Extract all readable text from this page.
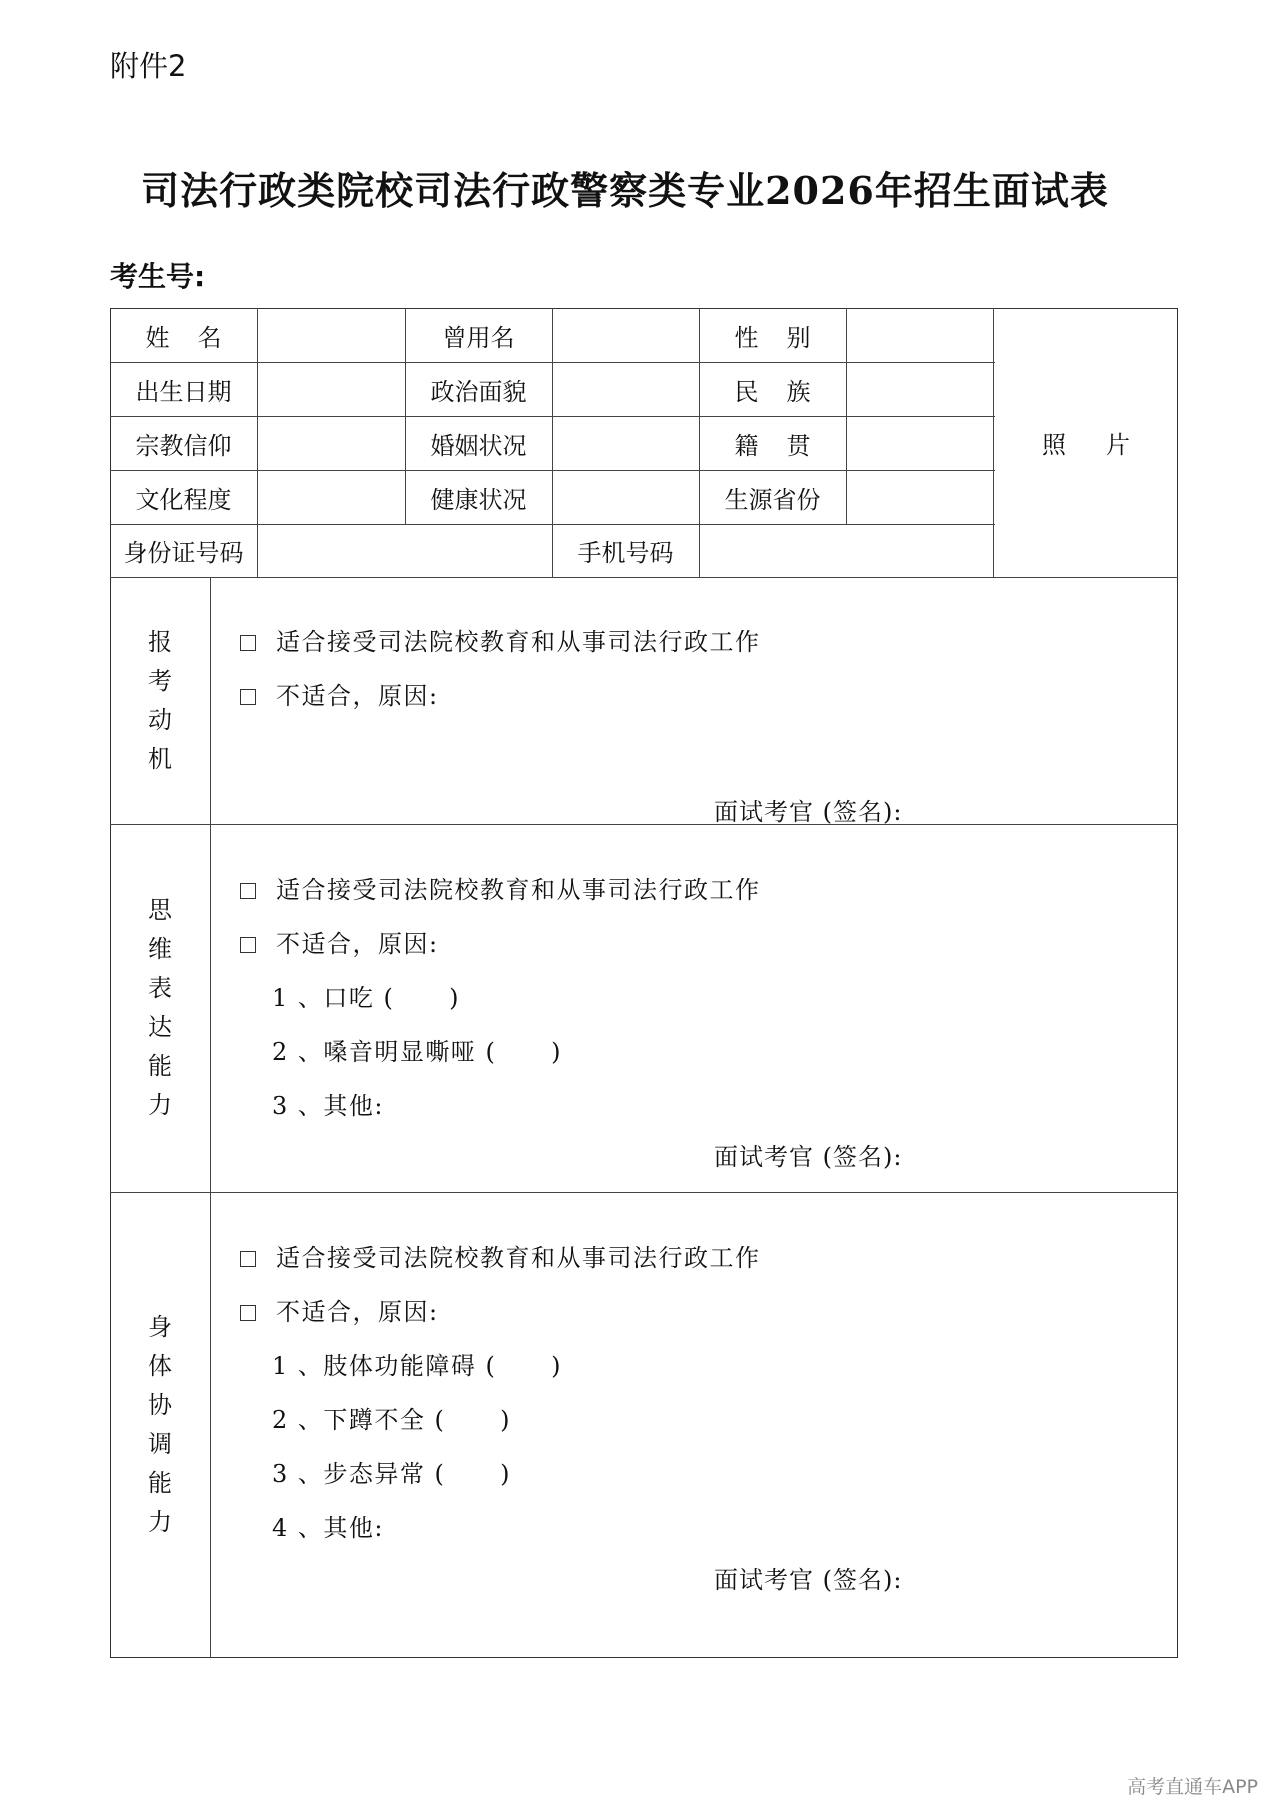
附件2
司法行政类院校司法行政警察类专业2026年招生面试表
考生号:
姓名	曾用名	性别
出生日期	政治面貌	民族
宗教信仰	婚姻状况	籍贯
文化程度	健康状况	生源省份
身份证号码	手机号码
照片
报
考
动
机
适合接受司法院校教育和从事司法行政工作
不适合，原因:
面试考官 (签名):
思
维
表
达
能
力
适合接受司法院校教育和从事司法行政工作
不适合，原因:
1 、口吃 (      )
2 、嗓音明显嘶哑 (      )
3 、其他:
面试考官 (签名):
身
体
协
调
能
力
适合接受司法院校教育和从事司法行政工作
不适合，原因:
1 、肢体功能障碍 (      )
2 、下蹲不全 (      )
3 、步态异常 (      )
4 、其他:
面试考官 (签名):
高考直通车APP
